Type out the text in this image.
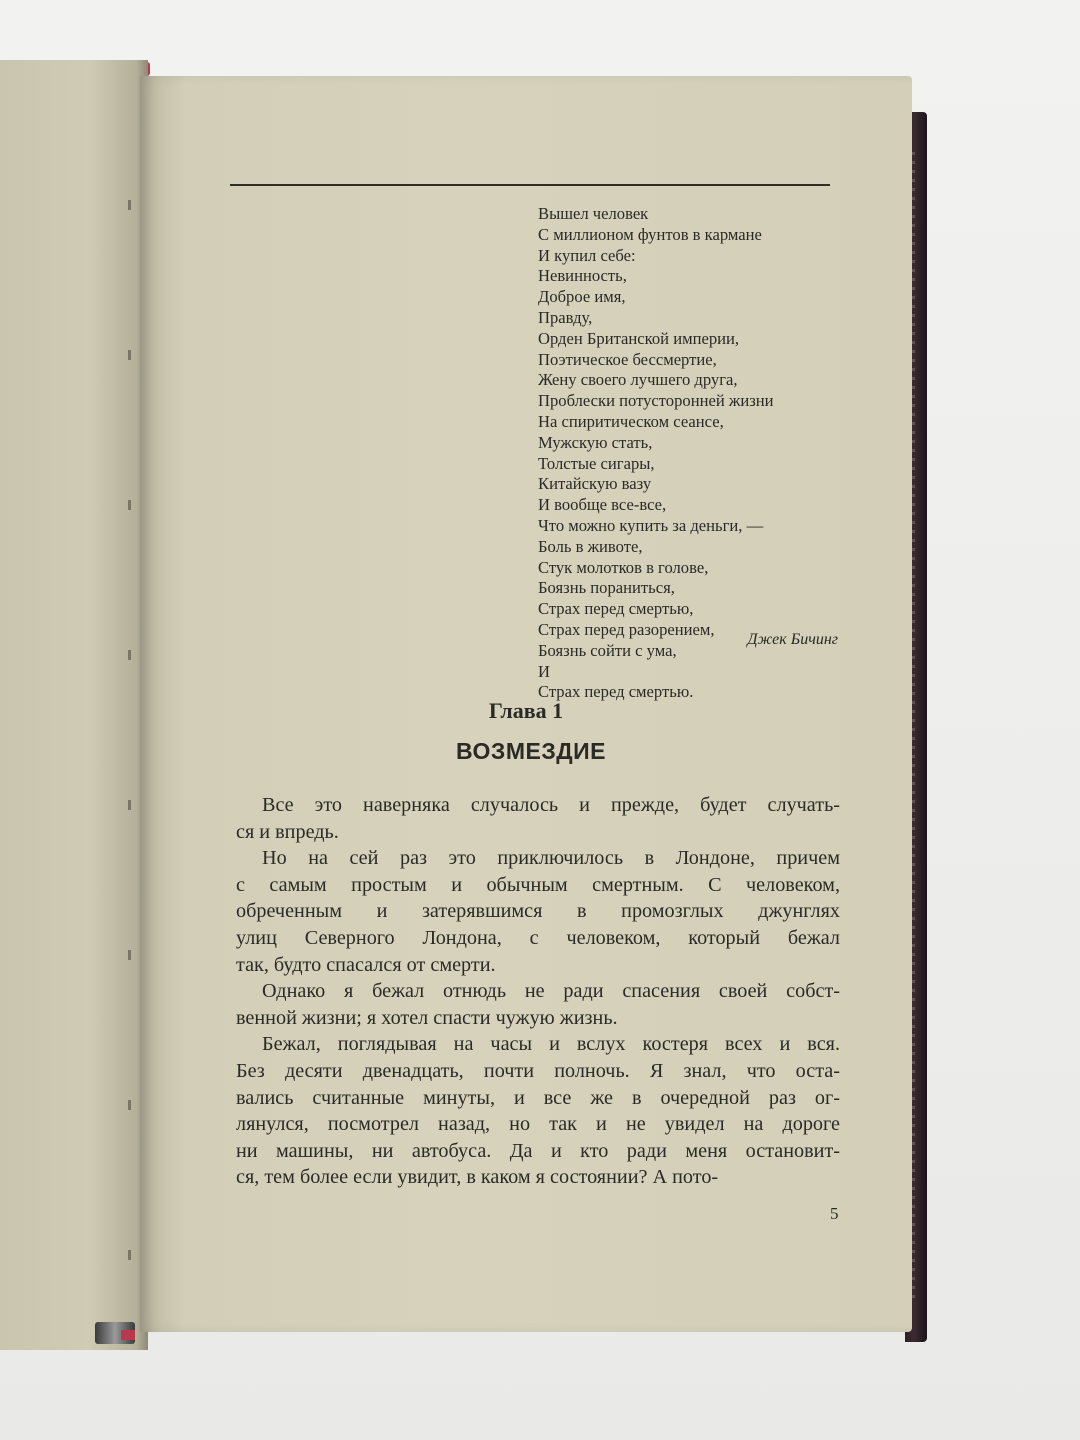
Вышел человек
С миллионом фунтов в кармане
И купил себе:
Невинность,
Доброе имя,
Правду,
Орден Британской империи,
Поэтическое бессмертие,
Жену своего лучшего друга,
Проблески потусторонней жизни
На спиритическом сеансе,
Мужскую стать,
Толстые сигары,
Китайскую вазу
И вообще все-все,
Что можно купить за деньги, —
Боль в животе,
Стук молотков в голове,
Боязнь пораниться,
Страх перед смертью,
Страх перед разорением,
Боязнь сойти с ума,
И
Страх перед смертью.
Джек Бичинг
Глава 1
ВОЗМЕЗДИЕ

Все это наверняка случалось и прежде, будет случать-
ся и впредь.

Но на сей раз это приключилось в Лондоне, причем
с самым простым и обычным смертным. С человеком,
обреченным и затерявшимся в промозглых джунглях
улиц Северного Лондона, с человеком, который бежал
так, будто спасался от смерти.

Однако я бежал отнюдь не ради спасения своей собст-
венной жизни; я хотел спасти чужую жизнь.

Бежал, поглядывая на часы и вслух костеря всех и вся.
Без десяти двенадцать, почти полночь. Я знал, что оста-
вались считанные минуты, и все же в очередной раз ог-
лянулся, посмотрел назад, но так и не увидел на дороге
ни машины, ни автобуса. Да и кто ради меня остановит-
ся, тем более если увидит, в каком я состоянии? А пото-

5
